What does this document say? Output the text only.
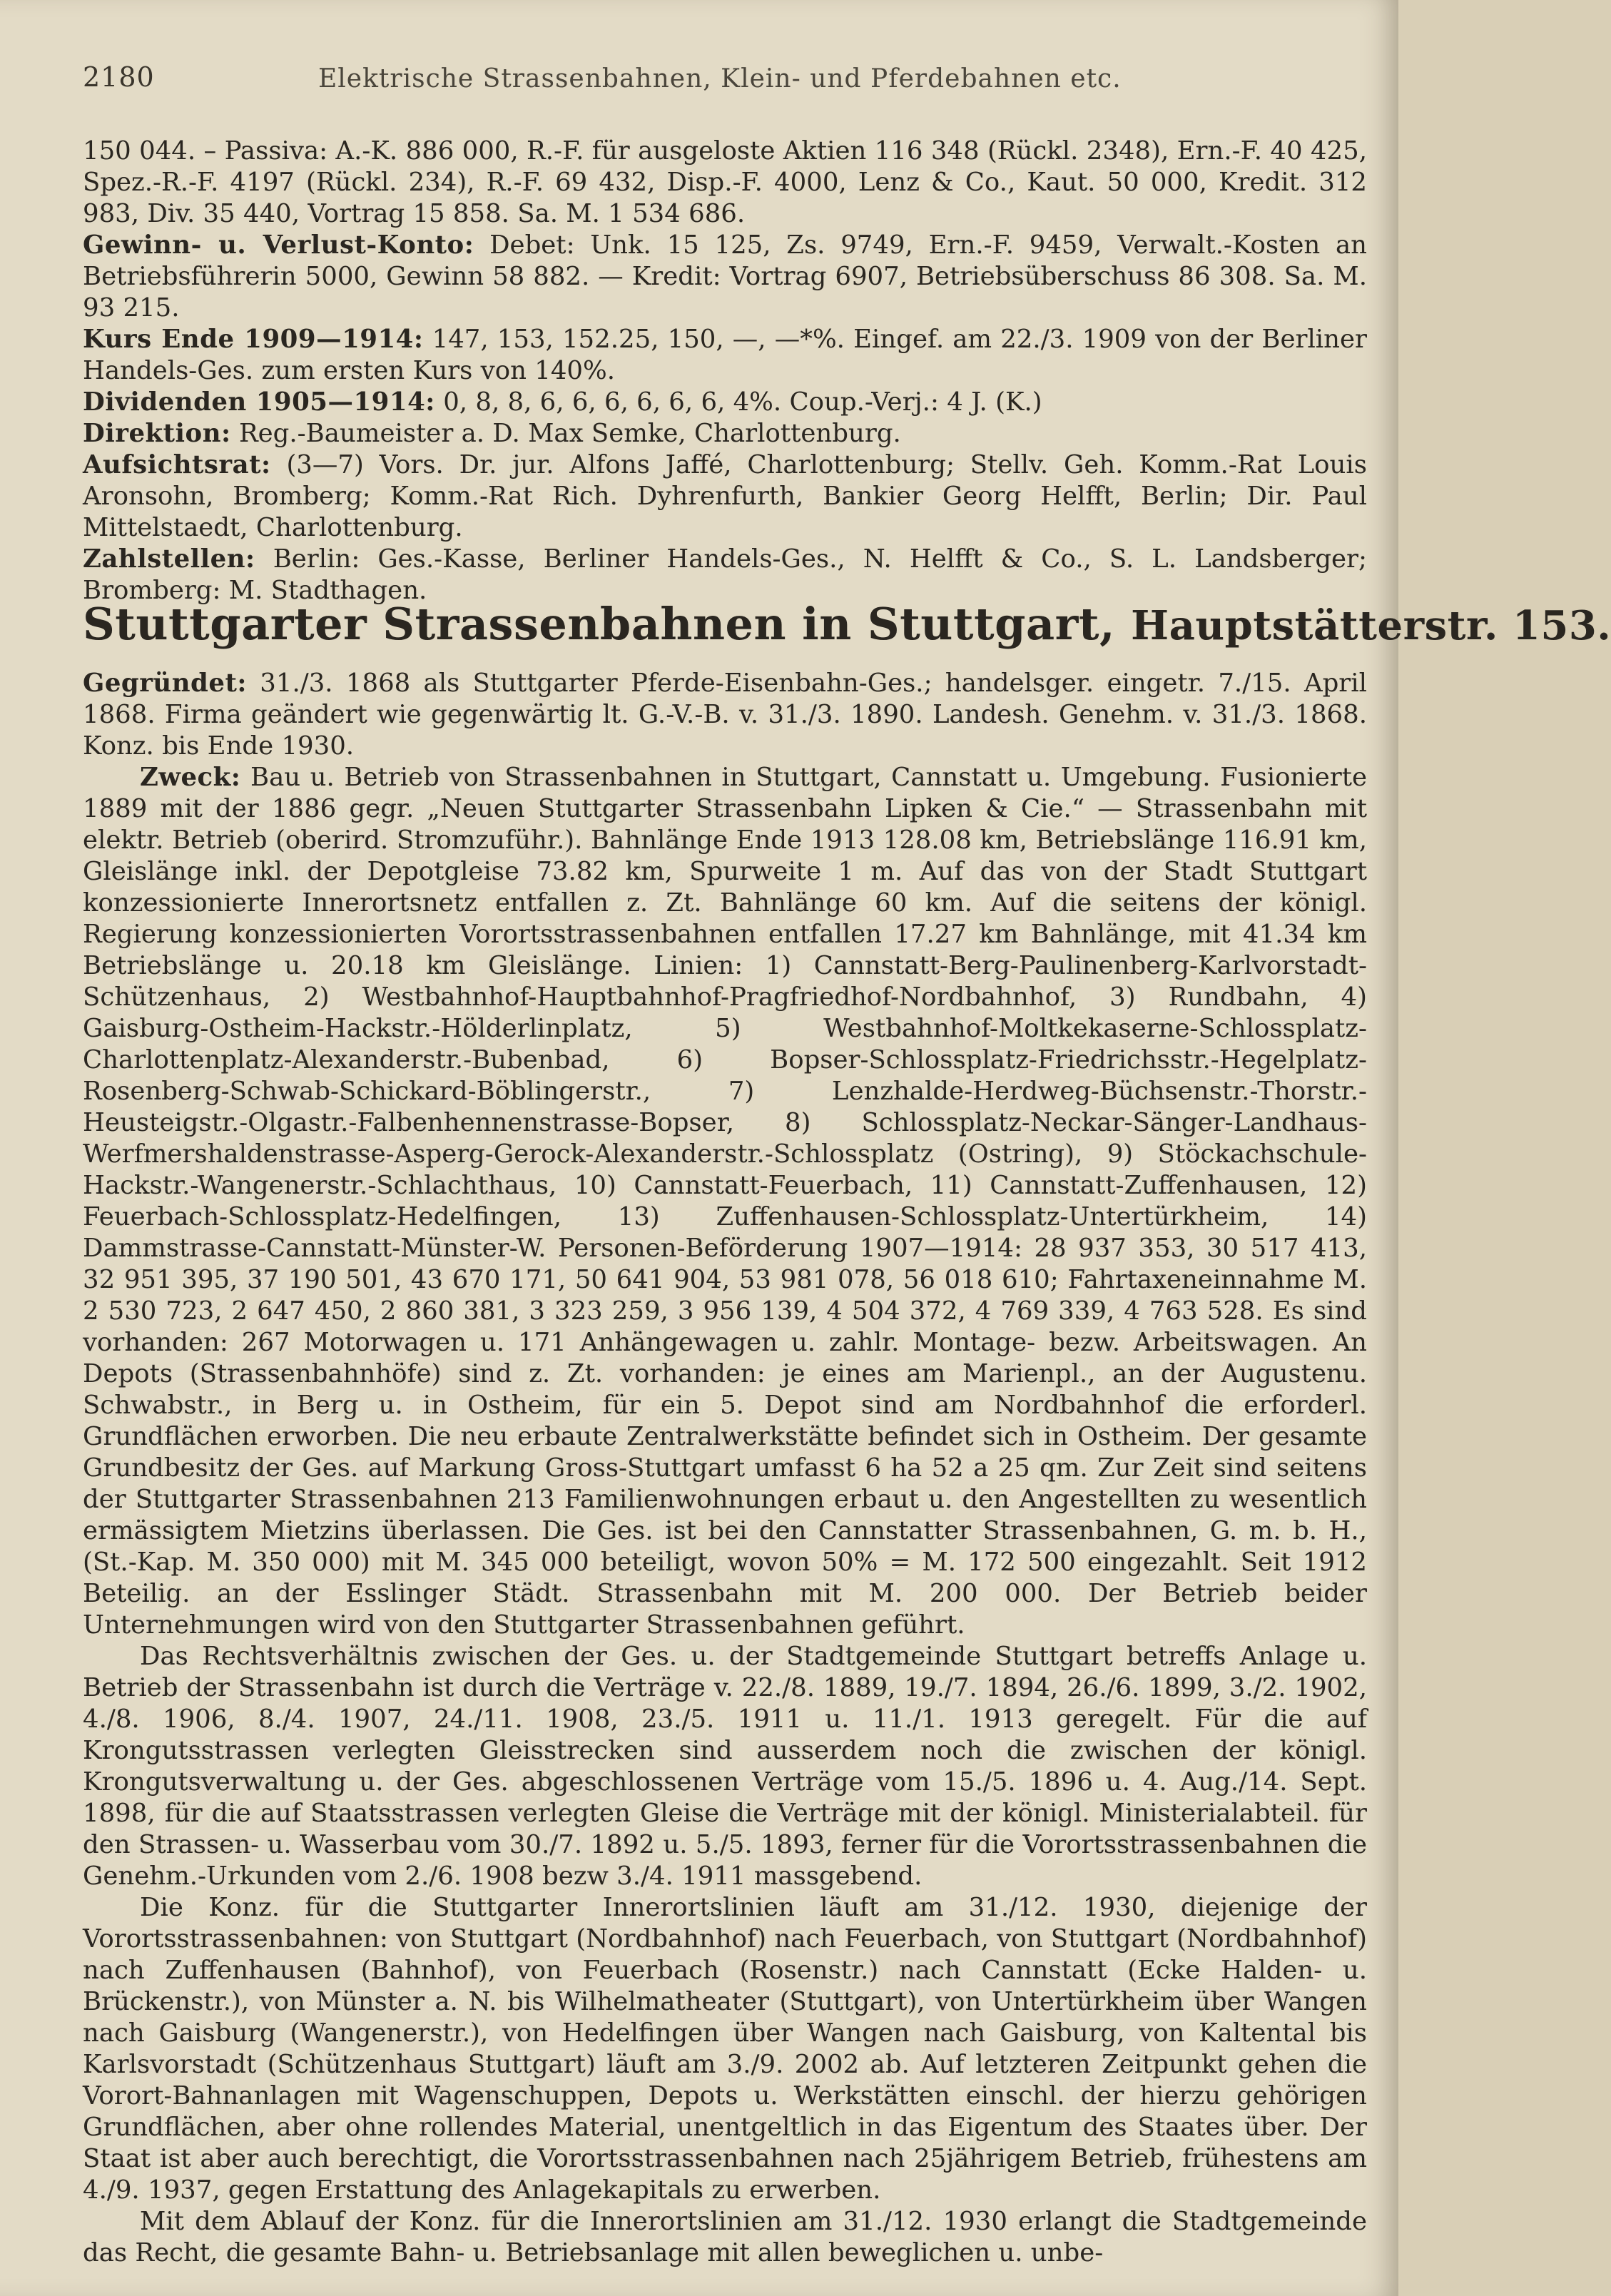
2180	Elektrische Strassenbahnen, Klein- und Pferdebahnen etc.

150 044. – Passiva: A.-K. 886 000, R.-F. für ausgeloste Aktien 116 348 (Rückl. 2348), Ern.-F. 40 425, Spez.-R.-F. 4197 (Rückl. 234), R.-F. 69 432, Disp.-F. 4000, Lenz & Co., Kaut. 50 000, Kredit. 312 983, Div. 35 440, Vortrag 15 858. Sa. M. 1 534 686.

Gewinn- u. Verlust-Konto: Debet: Unk. 15 125, Zs. 9749, Ern.-F. 9459, Verwalt.-Kosten an Betriebsführerin 5000, Gewinn 58 882. — Kredit: Vortrag 6907, Betriebsüberschuss 86 308. Sa. M. 93 215.

Kurs Ende 1909—1914: 147, 153, 152.25, 150, —, —*%. Eingef. am 22./3. 1909 von der Berliner Handels-Ges. zum ersten Kurs von 140%.

Dividenden 1905—1914: 0, 8, 8, 6, 6, 6, 6, 6, 6, 4%. Coup.-Verj.: 4 J. (K.)

Direktion: Reg.-Baumeister a. D. Max Semke, Charlottenburg.

Aufsichtsrat: (3—7) Vors. Dr. jur. Alfons Jaffé, Charlottenburg; Stellv. Geh. Komm.-Rat Louis Aronsohn, Bromberg; Komm.-Rat Rich. Dyhrenfurth, Bankier Georg Helfft, Berlin; Dir. Paul Mittelstaedt, Charlottenburg.

Zahlstellen: Berlin: Ges.-Kasse, Berliner Handels-Ges., N. Helfft & Co., S. L. Landsberger; Bromberg: M. Stadthagen.

Stuttgarter Strassenbahnen in Stuttgart, Hauptstätterstr. 153.

Gegründet: 31./3. 1868 als Stuttgarter Pferde-Eisenbahn-Ges.; handelsger. eingetr. 7./15. April 1868. Firma geändert wie gegenwärtig lt. G.-V.-B. v. 31./3. 1890. Landesh. Genehm. v. 31./3. 1868. Konz. bis Ende 1930.

Zweck: Bau u. Betrieb von Strassenbahnen in Stuttgart, Cannstatt u. Umgebung. Fusionierte 1889 mit der 1886 gegr. „Neuen Stuttgarter Strassenbahn Lipken & Cie.“ — Strassenbahn mit elektr. Betrieb (oberird. Stromzuführ.). Bahnlänge Ende 1913 128.08 km, Betriebslänge 116.91 km, Gleislänge inkl. der Depotgleise 73.82 km, Spurweite 1 m. Auf das von der Stadt Stuttgart konzessionierte Innerortsnetz entfallen z. Zt. Bahnlänge 60 km. Auf die seitens der königl. Regierung konzessionierten Vorortsstrassenbahnen entfallen 17.27 km Bahnlänge, mit 41.34 km Betriebslänge u. 20.18 km Gleislänge. Linien: 1) Cannstatt-Berg-Paulinenberg-Karlvorstadt-Schützenhaus, 2) Westbahnhof-Hauptbahnhof-Pragfriedhof-Nordbahnhof, 3) Rundbahn, 4) Gaisburg-Ostheim-Hackstr.-Hölderlinplatz, 5) Westbahnhof-Moltkekaserne-Schlossplatz-Charlottenplatz-Alexanderstr.-Bubenbad, 6) Bopser-Schlossplatz-Friedrichsstr.-Hegelplatz-Rosenberg-Schwab-Schickard-Böblingerstr., 7) Lenzhalde-Herdweg-Büchsenstr.-Thorstr.-Heusteigstr.-Olgastr.-Falbenhennenstrasse-Bopser, 8) Schlossplatz-Neckar-Sänger-Landhaus-Werfmershaldenstrasse-Asperg-Gerock-Alexanderstr.-Schlossplatz (Ostring), 9) Stöckachschule-Hackstr.-Wangenerstr.-Schlachthaus, 10) Cannstatt-Feuerbach, 11) Cannstatt-Zuffenhausen, 12) Feuerbach-Schlossplatz-Hedelfingen, 13) Zuffenhausen-Schlossplatz-Untertürkheim, 14) Dammstrasse-Cannstatt-Münster-W. Personen-Beförderung 1907—1914: 28 937 353, 30 517 413, 32 951 395, 37 190 501, 43 670 171, 50 641 904, 53 981 078, 56 018 610; Fahrtaxeneinnahme M. 2 530 723, 2 647 450, 2 860 381, 3 323 259, 3 956 139, 4 504 372, 4 769 339, 4 763 528. Es sind vorhanden: 267 Motorwagen u. 171 Anhängewagen u. zahlr. Montage- bezw. Arbeitswagen. An Depots (Strassenbahnhöfe) sind z. Zt. vorhanden: je eines am Marienpl., an der Augustenu. Schwabstr., in Berg u. in Ostheim, für ein 5. Depot sind am Nordbahnhof die erforderl. Grundflächen erworben. Die neu erbaute Zentralwerkstätte befindet sich in Ostheim. Der gesamte Grundbesitz der Ges. auf Markung Gross-Stuttgart umfasst 6 ha 52 a 25 qm. Zur Zeit sind seitens der Stuttgarter Strassenbahnen 213 Familienwohnungen erbaut u. den Angestellten zu wesentlich ermässigtem Mietzins überlassen. Die Ges. ist bei den Cannstatter Strassenbahnen, G. m. b. H., (St.-Kap. M. 350 000) mit M. 345 000 beteiligt, wovon 50% = M. 172 500 eingezahlt. Seit 1912 Beteilig. an der Esslinger Städt. Strassenbahn mit M. 200 000. Der Betrieb beider Unternehmungen wird von den Stuttgarter Strassenbahnen geführt.

Das Rechtsverhältnis zwischen der Ges. u. der Stadtgemeinde Stuttgart betreffs Anlage u. Betrieb der Strassenbahn ist durch die Verträge v. 22./8. 1889, 19./7. 1894, 26./6. 1899, 3./2. 1902, 4./8. 1906, 8./4. 1907, 24./11. 1908, 23./5. 1911 u. 11./1. 1913 geregelt. Für die auf Krongutsstrassen verlegten Gleisstrecken sind ausserdem noch die zwischen der königl. Krongutsverwaltung u. der Ges. abgeschlossenen Verträge vom 15./5. 1896 u. 4. Aug./14. Sept. 1898, für die auf Staatsstrassen verlegten Gleise die Verträge mit der königl. Ministerialabteil. für den Strassen- u. Wasserbau vom 30./7. 1892 u. 5./5. 1893, ferner für die Vorortsstrassenbahnen die Genehm.-Urkunden vom 2./6. 1908 bezw 3./4. 1911 massgebend.

Die Konz. für die Stuttgarter Innerortslinien läuft am 31./12. 1930, diejenige der Vorortsstrassenbahnen: von Stuttgart (Nordbahnhof) nach Feuerbach, von Stuttgart (Nordbahnhof) nach Zuffenhausen (Bahnhof), von Feuerbach (Rosenstr.) nach Cannstatt (Ecke Halden- u. Brückenstr.), von Münster a. N. bis Wilhelmatheater (Stuttgart), von Untertürkheim über Wangen nach Gaisburg (Wangenerstr.), von Hedelfingen über Wangen nach Gaisburg, von Kaltental bis Karlsvorstadt (Schützenhaus Stuttgart) läuft am 3./9. 2002 ab. Auf letzteren Zeitpunkt gehen die Vorort-Bahnanlagen mit Wagenschuppen, Depots u. Werkstätten einschl. der hierzu gehörigen Grundflächen, aber ohne rollendes Material, unentgeltlich in das Eigentum des Staates über. Der Staat ist aber auch berechtigt, die Vorortsstrassenbahnen nach 25jährigem Betrieb, frühestens am 4./9. 1937, gegen Erstattung des Anlagekapitals zu erwerben.

Mit dem Ablauf der Konz. für die Innerortslinien am 31./12. 1930 erlangt die Stadtgemeinde das Recht, die gesamte Bahn- u. Betriebsanlage mit allen beweglichen u. unbe-
